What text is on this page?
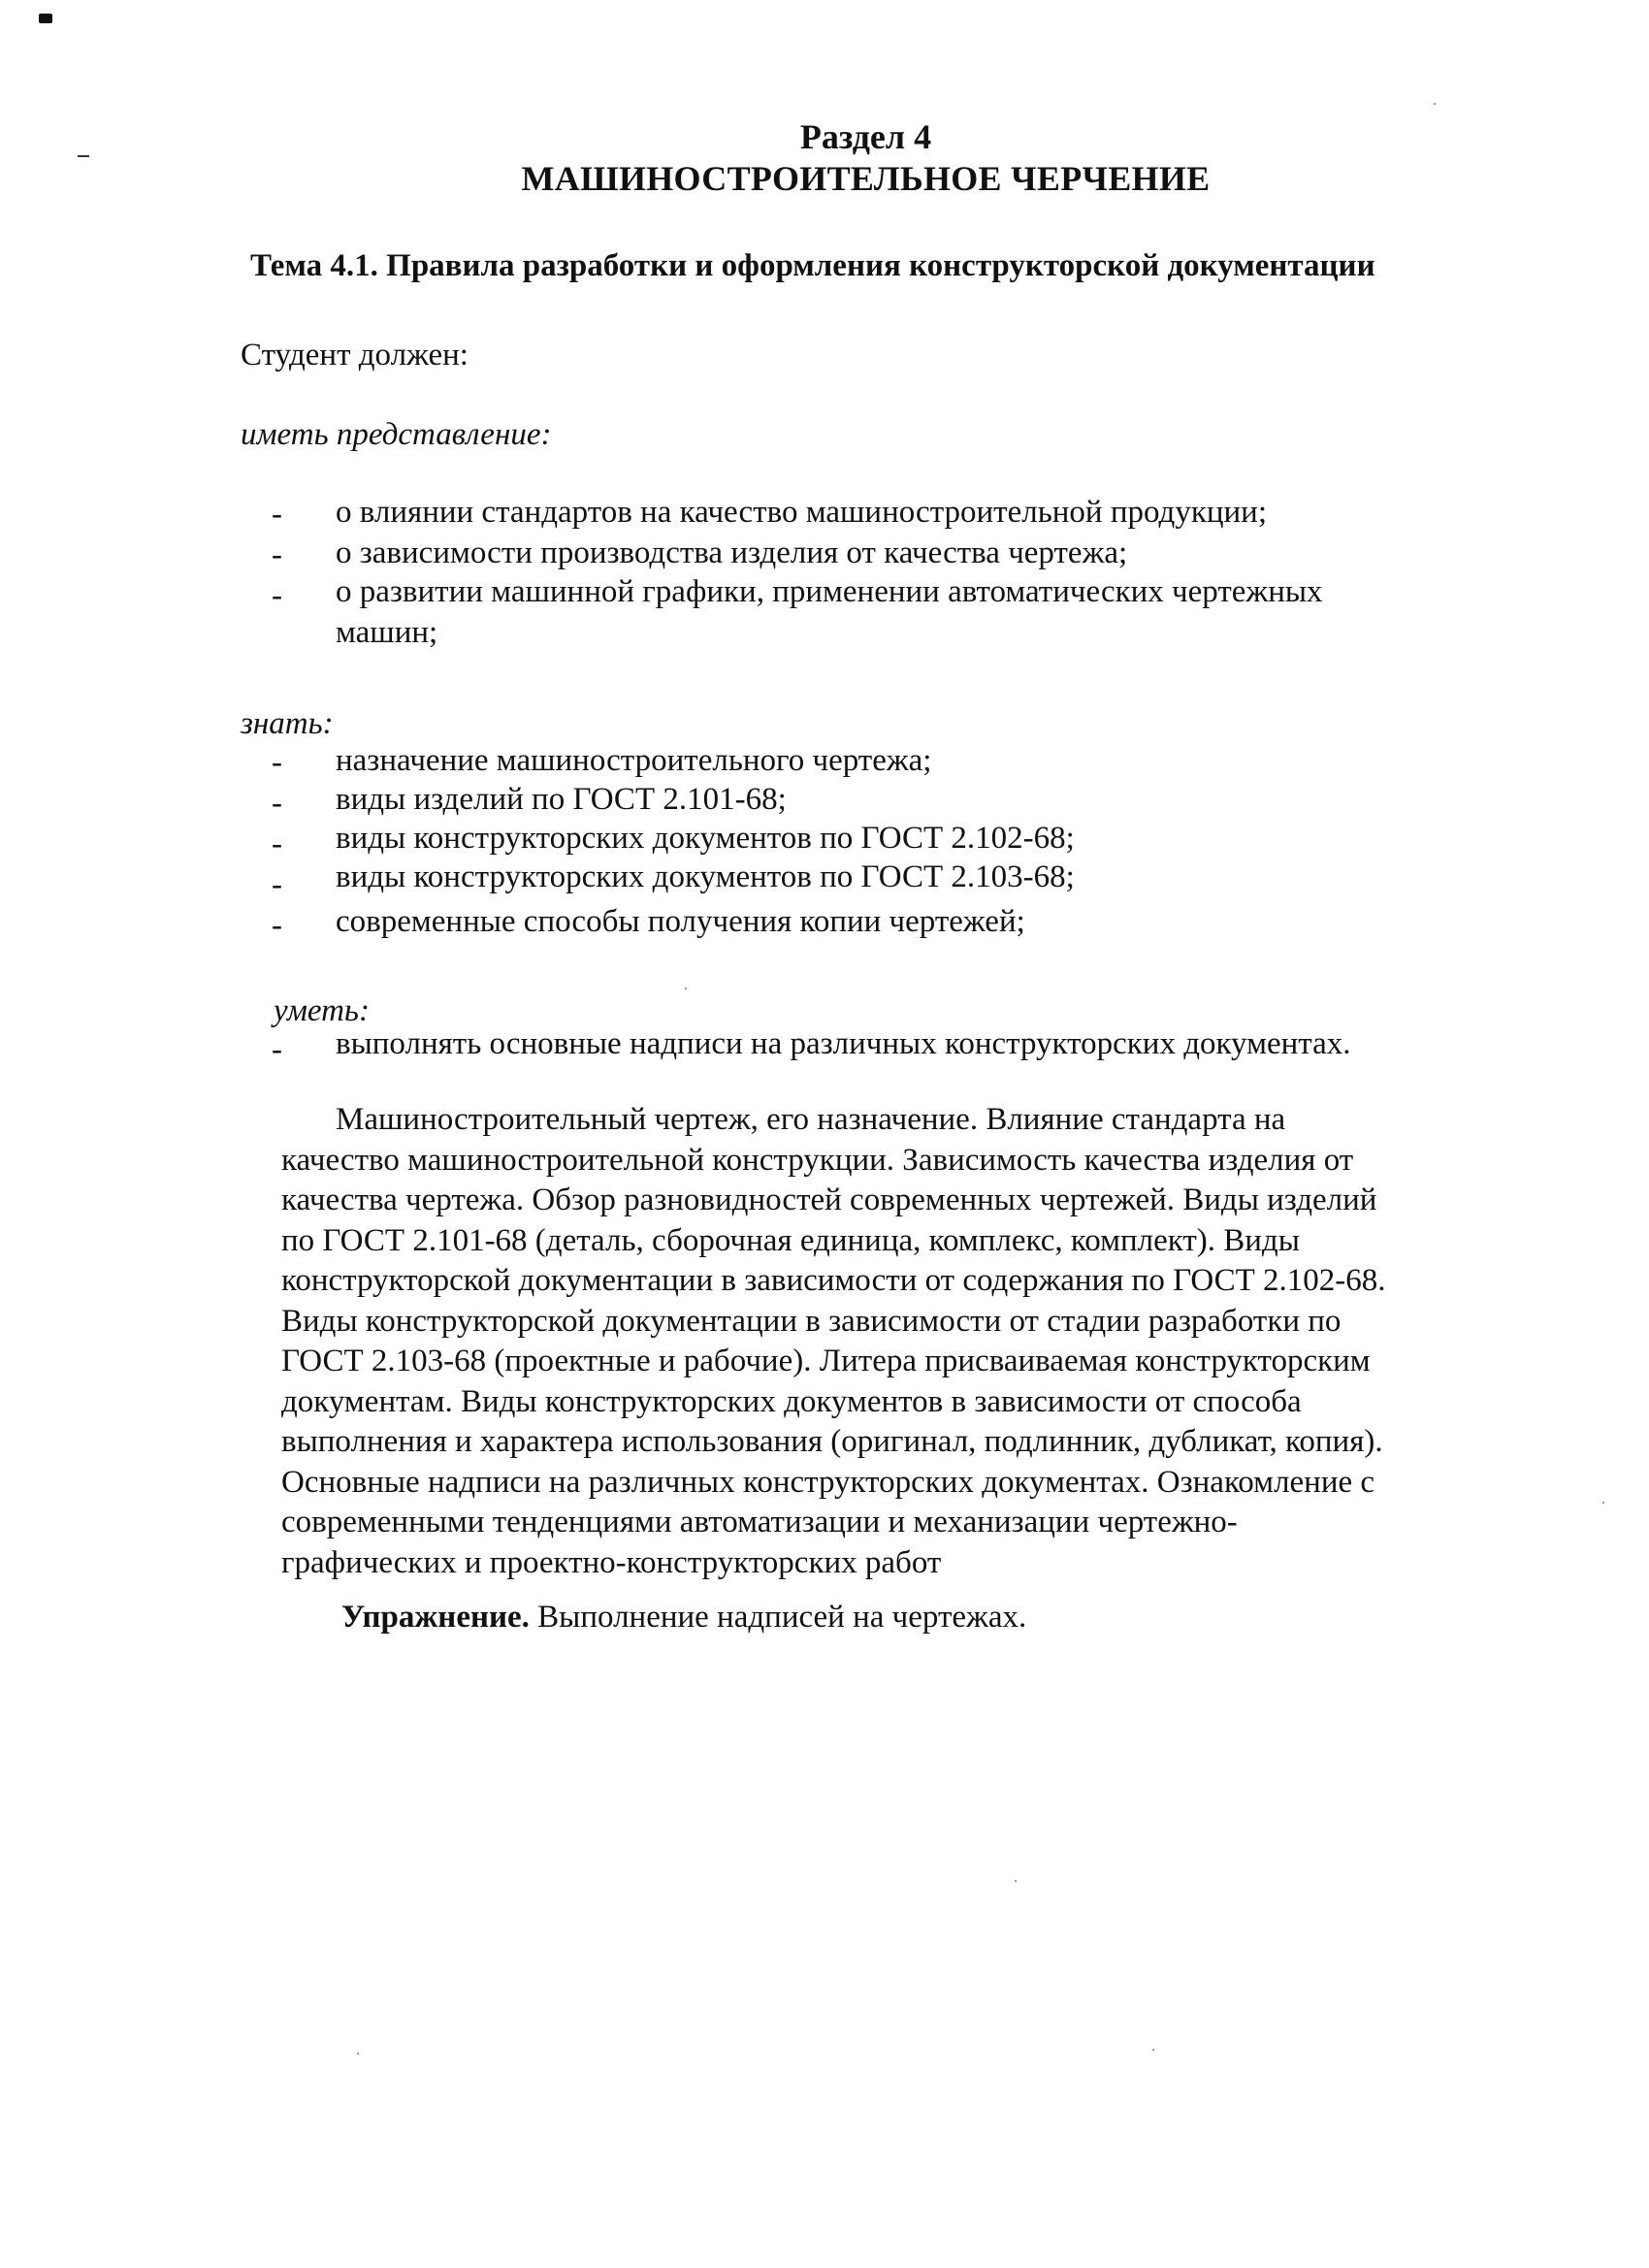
Раздел 4
МАШИНОСТРОИТЕЛЬНОЕ ЧЕРЧЕНИЕ
Тема 4.1. Правила разработки и оформления конструкторской документации
Студент должен:
иметь представление:
- о влиянии стандартов на качество машиностроительной продукции;
- о зависимости производства изделия от качества чертежа;
- о развитии машинной графики, применении автоматических чертежных
машин;
знать:
- назначение машиностроительного чертежа;
- виды изделий по ГОСТ 2.101-68;
- виды конструкторских документов по ГОСТ 2.102-68;
- виды конструкторских документов по ГОСТ 2.103-68;
- современные способы получения копии чертежей;
уметь:
- выполнять основные надписи на различных конструкторских документах.
Машиностроительный чертеж, его назначение. Влияние стандарта на
качество машиностроительной конструкции. Зависимость качества изделия от
качества чертежа. Обзор разновидностей современных чертежей. Виды изделий
по ГОСТ 2.101-68 (деталь, сборочная единица, комплекс, комплект). Виды
конструкторской документации в зависимости от содержания по ГОСТ 2.102-68.
Виды конструкторской документации в зависимости от стадии разработки по
ГОСТ 2.103-68 (проектные и рабочие). Литера присваиваемая конструкторским
документам. Виды конструкторских документов в зависимости от способа
выполнения и характера использования (оригинал, подлинник, дубликат, копия).
Основные надписи на различных конструкторских документах. Ознакомление с
современными тенденциями автоматизации и механизации чертежно-
графических и проектно-конструкторских работ
Упражнение. Выполнение надписей на чертежах.
